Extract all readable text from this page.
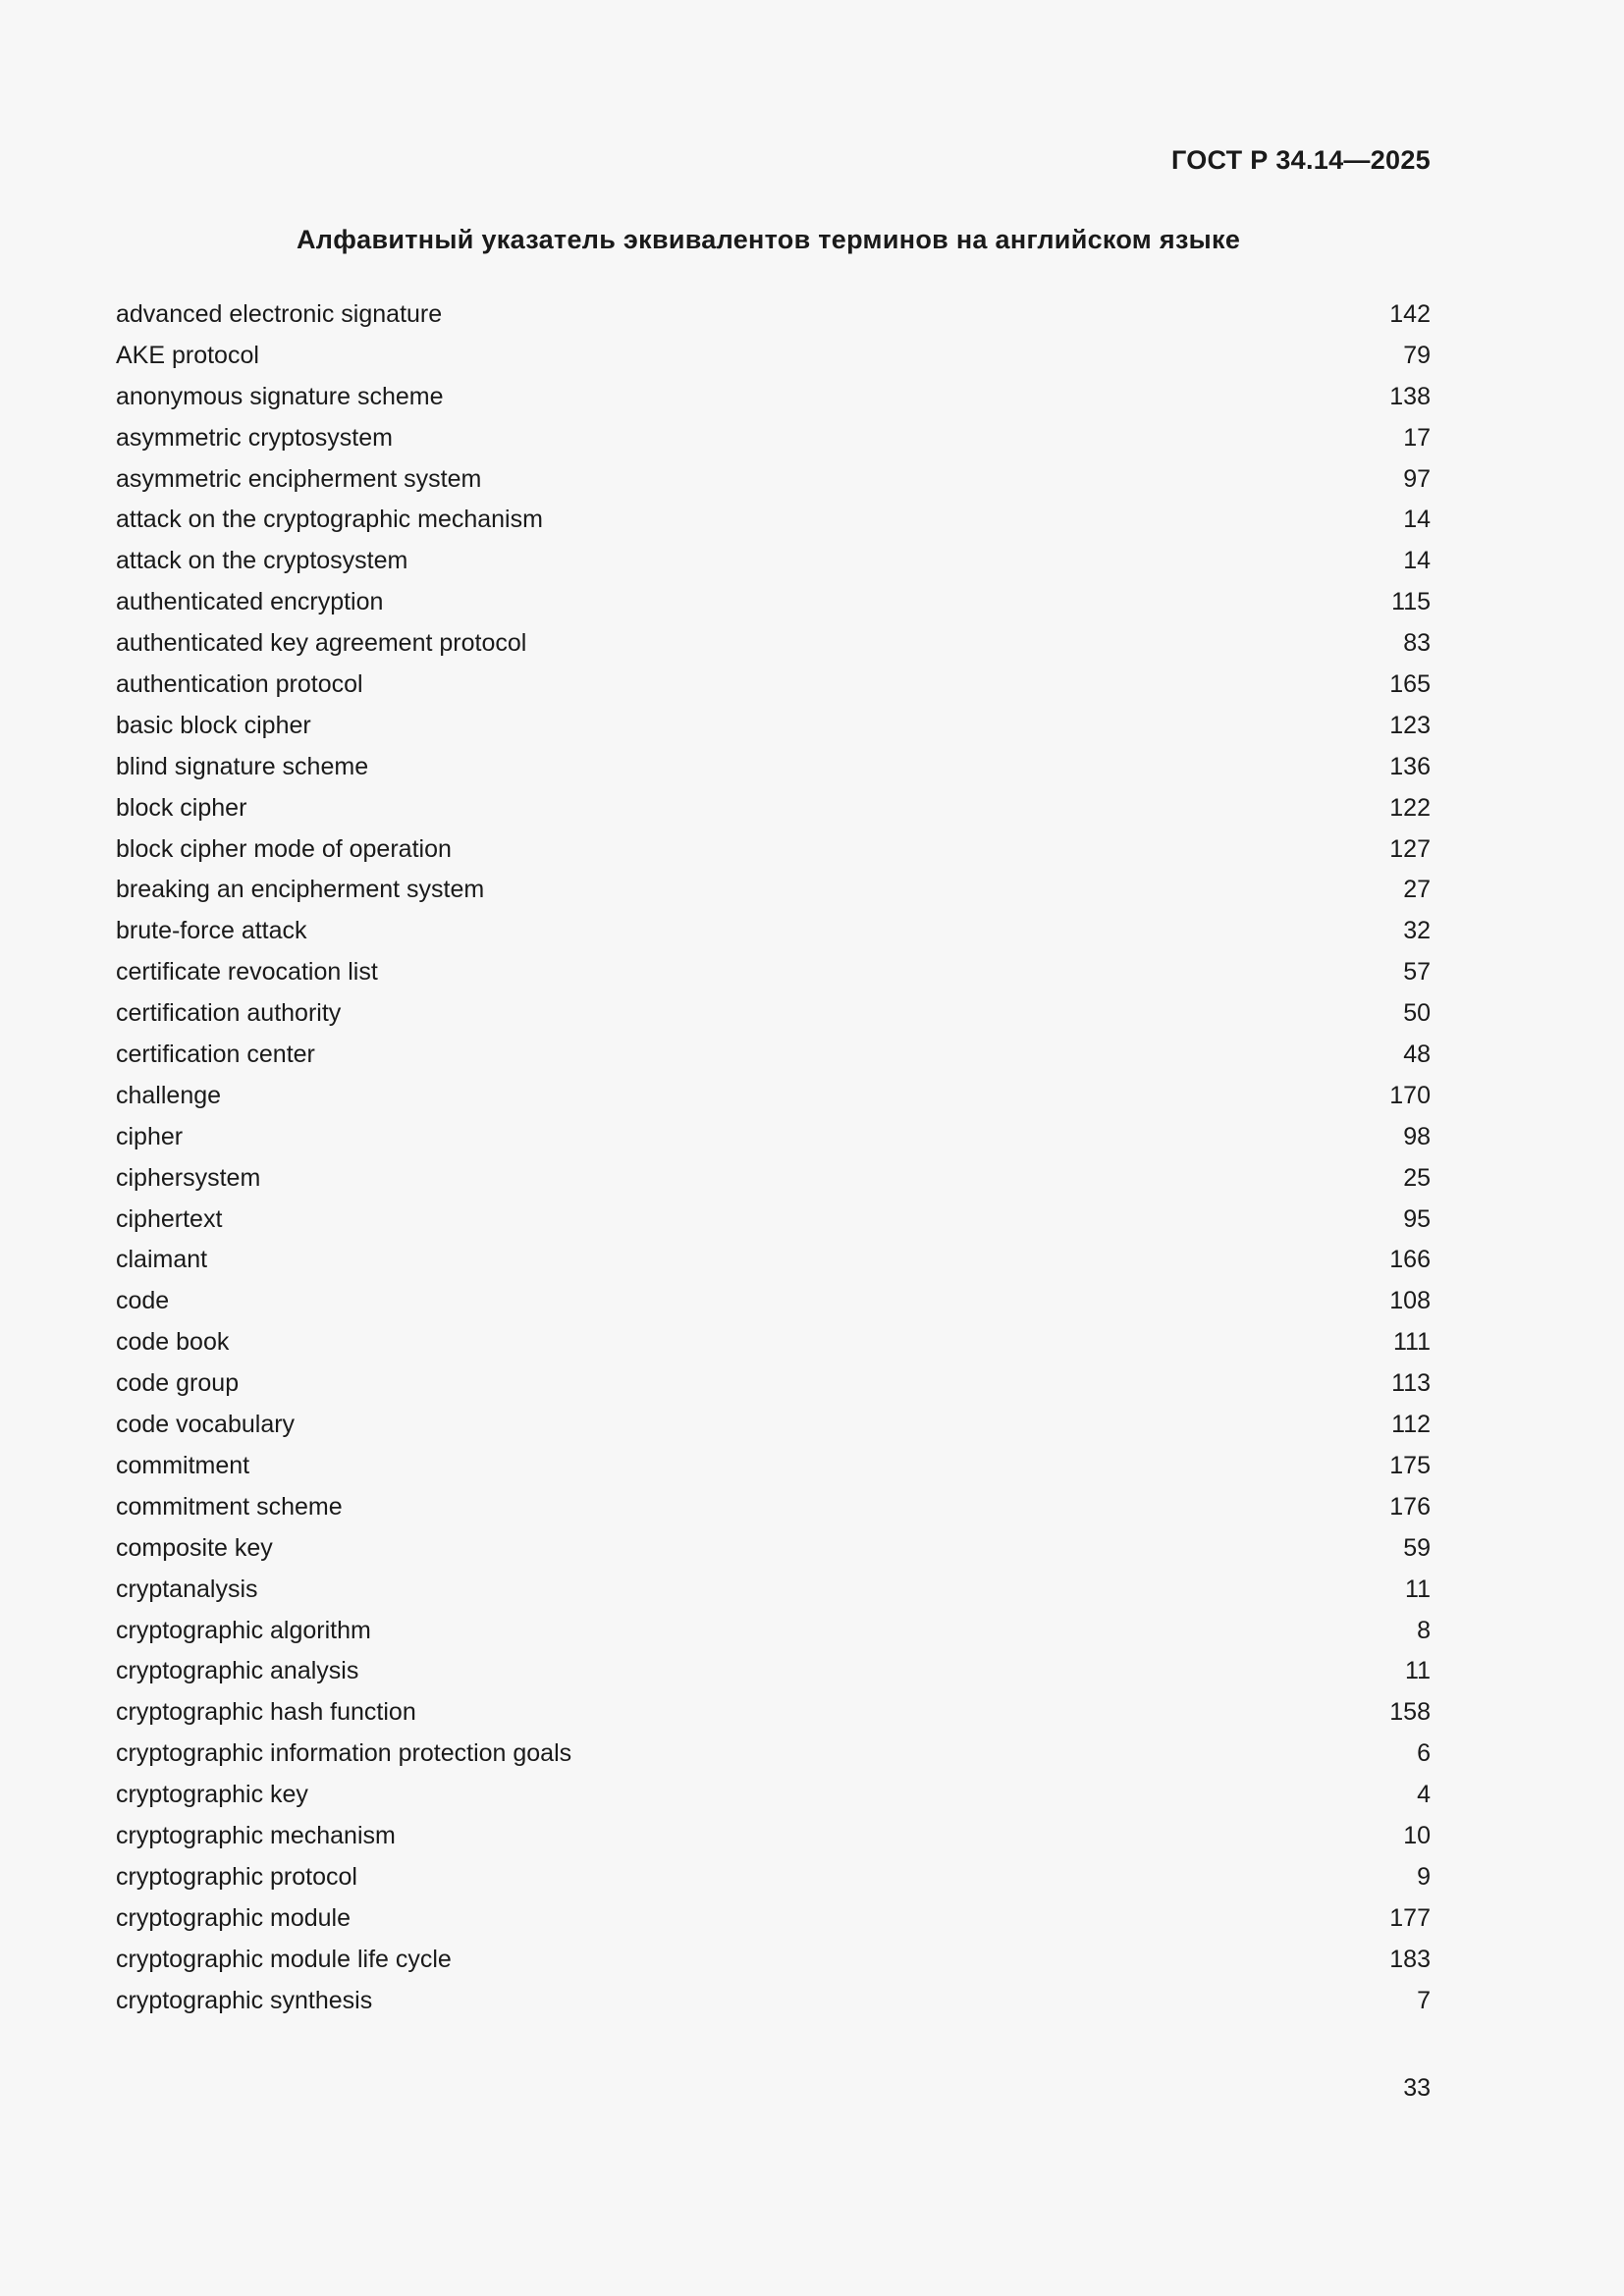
ГОСТ Р 34.14—2025
Алфавитный указатель эквивалентов терминов на английском языке
advanced electronic signature	142
AKE protocol	79
anonymous signature scheme	138
asymmetric cryptosystem	17
asymmetric encipherment system	97
attack on the cryptographic mechanism	14
attack on the cryptosystem	14
authenticated encryption	115
authenticated key agreement protocol	83
authentication protocol	165
basic block cipher	123
blind signature scheme	136
block cipher	122
block cipher mode of operation	127
breaking an encipherment system	27
brute-force attack	32
certificate revocation list	57
certification authority	50
certification center	48
challenge	170
cipher	98
ciphersystem	25
ciphertext	95
claimant	166
code	108
code book	111
code group	113
code vocabulary	112
commitment	175
commitment scheme	176
composite key	59
cryptanalysis	11
cryptographic algorithm	8
cryptographic analysis	11
cryptographic hash function	158
cryptographic information protection goals	6
cryptographic key	4
cryptographic mechanism	10
cryptographic protocol	9
cryptographic module	177
cryptographic module life cycle	183
cryptographic synthesis	7
33
